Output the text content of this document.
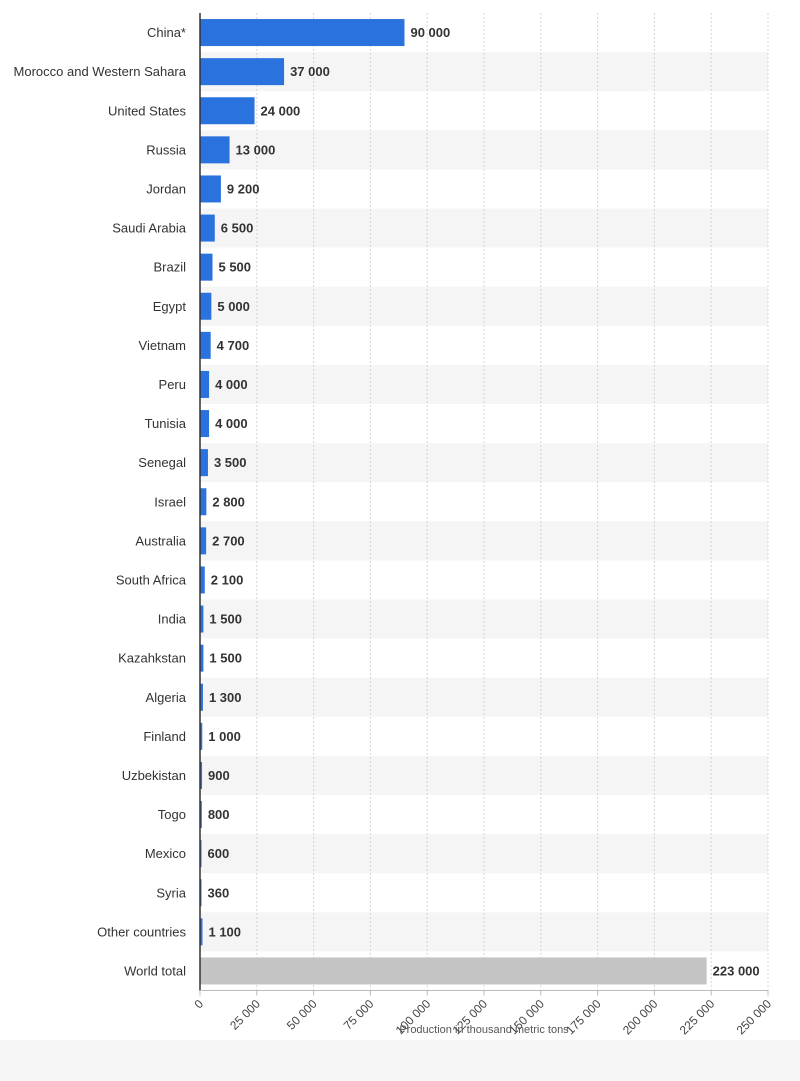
China*	90 000
Morocco and Western Sahara	37 000
United States	24 000
Russia	13 000
Jordan	9 200
Saudi Arabia	6 500
Brazil 5 500
Egypt 5 000
Vietnam 4 700
Peru 4 000
Tunisia 4 000
Senegal 3 500
Israel 2 800
Australia 2 700
South Africa 2 100
India 1 500
Kazahkstan 1 500
Algeria 1 300
Finland 1 000
Uzbekistan 900
Togo 800
Mexico 600
Syria 360
Other countries 1 100
World total	223 000
0 25 000 50 000 75 000 100 000 125 000 150 000 175 000 200 000 225 000 250 000
Production in thousand metric tons
